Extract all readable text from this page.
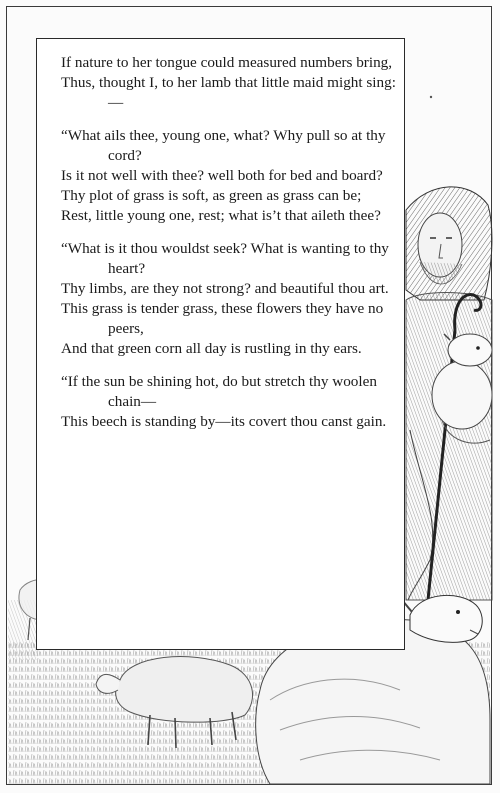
If nature to her tongue could measured numbers bring,

Thus, thought I, to her lamb that little maid might sing:—

“What ails thee, young one, what? Why pull so at thy cord?

Is it not well with thee? well both for bed and board?

Thy plot of grass is soft, as green as grass can be;

Rest, little young one, rest; what is’t that aileth thee?

“What is it thou wouldst seek? What is wanting to thy heart?

Thy limbs, are they not strong? and beautiful thou art.

This grass is tender grass, these flowers they have no peers,

And that green corn all day is rustling in thy ears.

“If the sun be shining hot, do but stretch thy woolen chain—

This beech is standing by—its covert thou canst gain.
